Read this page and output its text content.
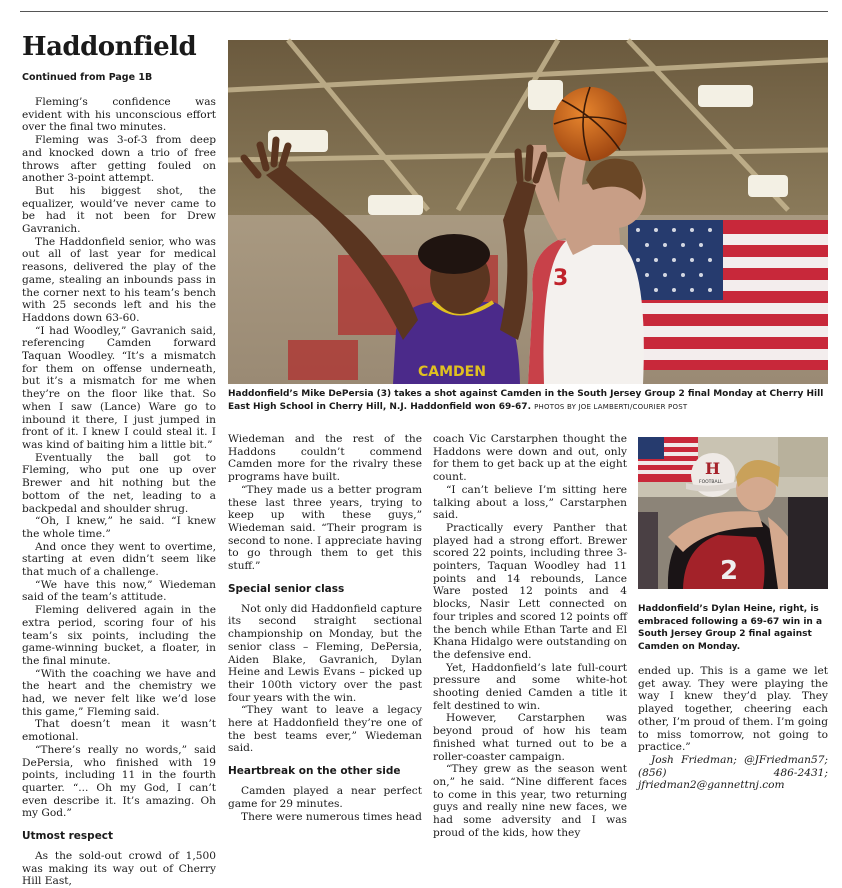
Haddonfield
Continued from Page 1B

Fleming’s confidence was evident with his unconscious effort over the final two minutes.

Fleming was 3-of-3 from deep and knocked down a trio of free throws after getting fouled on another 3-point attempt.

But his biggest shot, the equalizer, would’ve never came to be had it not been for Drew Gavranich.

The Haddonfield senior, who was out all of last year for medical reasons, delivered the play of the game, stealing an inbounds pass in the corner next to his team’s bench with 25 seconds left and his the Haddons down 63-60.

“I had Woodley,” Gavranich said, referencing Camden forward Taquan Woodley. “It’s a mismatch for them on offense underneath, but it’s a mismatch for me when they’re on the floor like that. So when I saw (Lance) Ware go to inbound it there, I just jumped in front of it. I knew I could steal it. I was kind of baiting him a little bit.”

Eventually the ball got to Fleming, who put one up over Brewer and hit nothing but the bottom of the net, leading to a backpedal and shoulder shrug.

“Oh, I knew,” he said. “I knew the whole time.”

And once they went to overtime, starting at even didn’t seem like that much of a challenge.

“We have this now,” Wiedeman said of the team’s attitude.

Fleming delivered again in the extra period, scoring four of his team’s six points, including the game-winning bucket, a floater, in the final minute.

“With the coaching we have and the heart and the chemistry we had, we never felt like we’d lose this game,” Fleming said.

That doesn’t mean it wasn’t emotional.

“There’s really no words,” said DePersia, who finished with 19 points, including 11 in the fourth quarter. “... Oh my God, I can’t even describe it. It’s amazing. Oh my God.”

Utmost respect

As the sold-out crowd of 1,500 was making its way out of Cherry Hill East,

3
CAMDEN
Haddonfield’s Mike DePersia (3) takes a shot against Camden in the South Jersey Group 2 final Monday at Cherry Hill East High School in Cherry Hill, N.J. Haddonfield won 69-67. PHOTOS BY JOE LAMBERTI/COURIER POST

Wiedeman and the rest of the Haddons couldn’t commend Camden more for the rivalry these programs have built.

“They made us a better program these last three years, trying to keep up with these guys,” Wiedeman said. “Their program is second to none. I appreciate having to go through them to get this stuff.”

Special senior class

Not only did Haddonfield capture its second straight sectional championship on Monday, but the senior class – Fleming, DePersia, Aiden Blake, Gavranich, Dylan Heine and Lewis Evans – picked up their 100th victory over the past four years with the win.

“They want to leave a legacy here at Haddonfield they’re one of the best teams ever,” Wiedeman said.

Heartbreak on the other side

Camden played a near perfect game for 29 minutes.

There were numerous times head

coach Vic Carstarphen thought the Haddons were down and out, only for them to get back up at the eight count.

“I can’t believe I’m sitting here talking about a loss,” Carstarphen said.

Practically every Panther that played had a strong effort. Brewer scored 22 points, including three 3-pointers, Taquan Woodley had 11 points and 14 rebounds, Lance Ware posted 12 points and 4 blocks, Nasir Lett connected on four triples and scored 12 points off the bench while Ethan Tarte and El Khana Hidalgo were outstanding on the defensive end.

Yet, Haddonfield’s late full-court pressure and some white-hot shooting denied Camden a title it felt destined to win.

However, Carstarphen was beyond proud of how his team finished what turned out to be a roller-coaster campaign.

“They grew as the season went on,” he said. “Nine different faces to come in this year, two returning guys and really nine new faces, we had some adversity and I was proud of the kids, how they

2
H
FOOTBALL
Haddonfield’s Dylan Heine, right, is embraced following a 69-67 win in a South Jersey Group 2 final against Camden on Monday.

ended up. This is a game we let get away. They were playing the way I knew they’d play. They played together, cheering each other, I’m proud of them. I’m going to miss tomorrow, not going to practice.”

Josh Friedman; @JFriedman57; (856) 486-2431; jfriedman2@gannettnj.com
